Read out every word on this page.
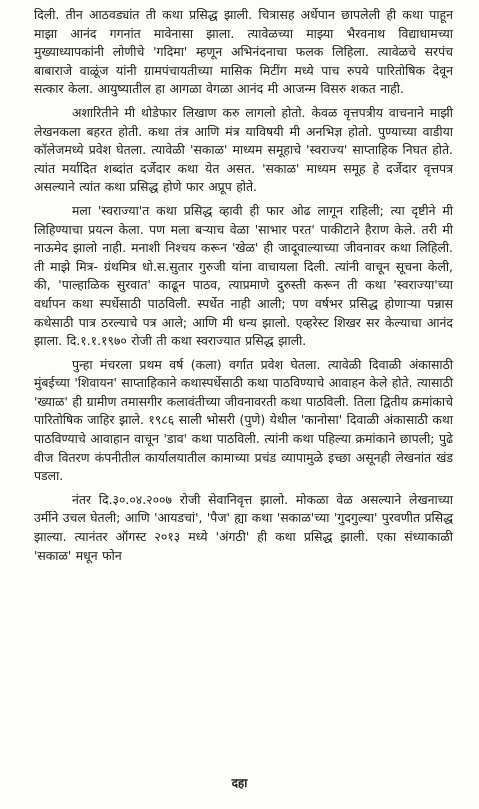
दिली. तीन आठवड्यांत ती कथा प्रसिद्ध झाली. चित्रासह अर्धेपान छापलेली ही कथा पाहून माझा आनंद गगनांत मावेनासा झाला. त्यावेळच्या माझ्या भैरवनाथ विद्याधामच्या मुख्याध्यापकांनी लोणीचे 'गदिमा' म्हणून अभिनंदनाचा फलक लिहिला. त्यावेळचे सरपंच बाबाराजे वाळूंज यांनी ग्रामपंचायतीच्या मासिक मिटींग मध्ये पाच रुपये पारितोषिक देवून सत्कार केला. आयुष्यातील हा आगळा वेगळा आनंद मी आजन्म विसरु शकत नाही.

अशारितीने मी थोडेफार लिखाण करु लागलो होतो. केवळ वृत्तपत्रीय वाचनाने माझी लेखनकला बहरत होती. कथा तंत्र आणि मंत्र याविषयी मी अनभिज्ञ होतो. पुण्याच्या वाडीया कॉलेजमध्ये प्रवेश घेतला. त्यावेळी 'सकाळ' माध्यम समूहाचे 'स्वराज्य' साप्ताहिक निघत होते. त्यांत मर्यादित शब्दांत दर्जेदार कथा येत असत. 'सकाळ' माध्यम समूह हे दर्जेदार वृत्तपत्र असल्याने त्यांत कथा प्रसिद्ध होणे फार अप्रूप होते.

मला 'स्वराज्या'त कथा प्रसिद्ध व्हावी ही फार ओढ लागून राहिली; त्या दृष्टीने मी लिहिण्याचा प्रयत्न केला. पण मला बऱ्याच वेळा 'साभार परत' पाकीटाने हैराण केले. तरी मी नाऊमेद झालो नाही. मनाशी निश्चय करून 'खेळ' ही जादूवाल्याच्या जीवनावर कथा लिहिली. ती माझे मित्र- ग्रंथमित्र धो.स.सुतार गुरुजी यांना वाचायला दिली. त्यांनी वाचून सूचना केली, की, 'पाल्हाळिक सुरवात' काढून पाठव, त्याप्रमाणे दुरुस्ती करून ती कथा 'स्वराज्या'च्या वर्धापन कथा स्पर्धेसाठी पाठविली. स्पर्धेत नाही आली; पण वर्षभर प्रसिद्ध होणाऱ्या पन्नास कथेसाठी पात्र ठरल्याचे पत्र आले; आणि मी धन्य झालो. एव्हरेस्ट शिखर सर केल्याचा आनंद झाला. दि.१.१.१९७० रोजी ती कथा स्वराज्यात प्रसिद्ध झाली.

पुन्हा मंचरला प्रथम वर्ष (कला) वर्गात प्रवेश घेतला. त्यावेळी दिवाळी अंकासाठी मुंबईच्या 'शिवायन' साप्ताहिकाने कथास्पर्धेसाठी कथा पाठविण्याचे आवाहन केले होते. त्यासाठी 'ख्याळ' ही ग्रामीण तमासगीर कलावंतीच्या जीवनावरती कथा पाठविली. तिला द्वितीय क्रमांकाचे पारितोषिक जाहिर झाले. १९८६ साली भोसरी (पुणे) येथील 'कानोसा' दिवाळी अंकासाठी कथा पाठविण्याचे आवाहान वाचून 'डाव' कथा पाठविली. त्यांनी कथा पहिल्या क्रमांकाने छापली; पुढे वीज वितरण कंपनीतील कार्यालयातील कामाच्या प्रचंड व्यापामुळे इच्छा असूनही लेखनांत खंड पडला.

नंतर दि.३०.०४.२००७ रोजी सेवानिवृत्त झालो. मोकळा वेळ असल्याने लेखनाच्या उर्मीने उचल घेतली; आणि 'आयडचां', 'पैज' ह्या कथा 'सकाळ'च्या 'गुदगुल्या' पुरवणीत प्रसिद्ध झाल्या. त्यानंतर ऑगस्ट २०१३ मध्ये 'अंगठी' ही कथा प्रसिद्ध झाली. एका संध्याकाळी 'सकाळ' मधून फोन

दहा
